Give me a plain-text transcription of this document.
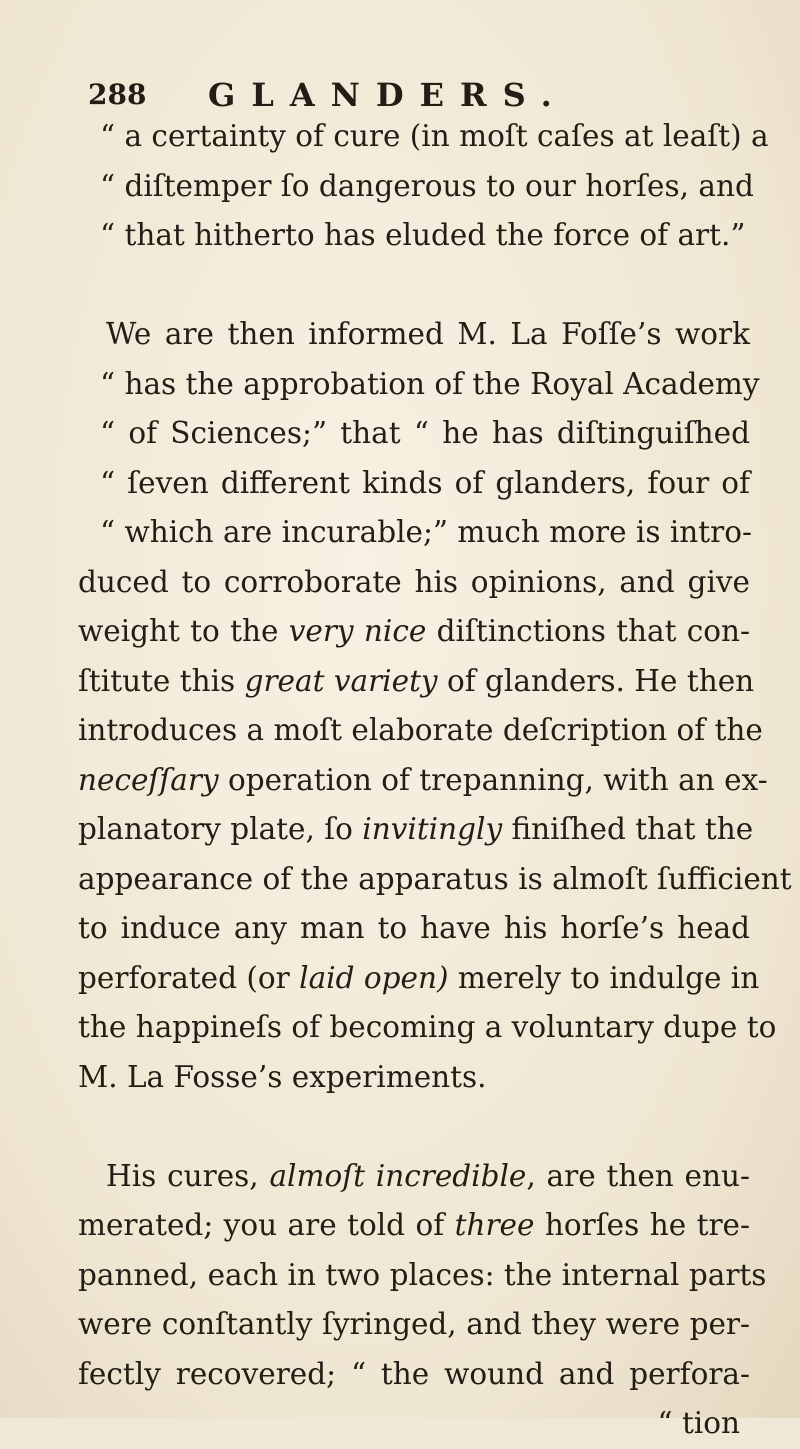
288 GLANDERS.
“ a certainty of cure (in moſt caſes at leaſt) a
“ diſtemper ſo dangerous to our horſes, and
“ that hitherto has eluded the force of art.”
We are then informed M. La Foſſe’s work
“ has the approbation of the Royal Academy
“ of Sciences;” that “ he has diſtinguiſhed
“ ſeven different kinds of glanders, four of
“ which are incurable;” much more is intro-
duced to corroborate his opinions, and give
weight to the very nice diſtinctions that con-
ſtitute this great variety of glanders. He then
introduces a moſt elaborate deſcription of the
neceſſary operation of trepanning, with an ex-
planatory plate, ſo invitingly finiſhed that the
appearance of the apparatus is almoſt ſufficient
to induce any man to have his horſe’s head
perforated (or laid open) merely to indulge in
the happineſs of becoming a voluntary dupe to
M. La Fosse’s experiments.
His cures, almoſt incredible, are then enu-
merated; you are told of three horſes he tre-
panned, each in two places: the internal parts
were conſtantly ſyringed, and they were per-
fectly recovered; “ the wound and perfora-
“ tion
